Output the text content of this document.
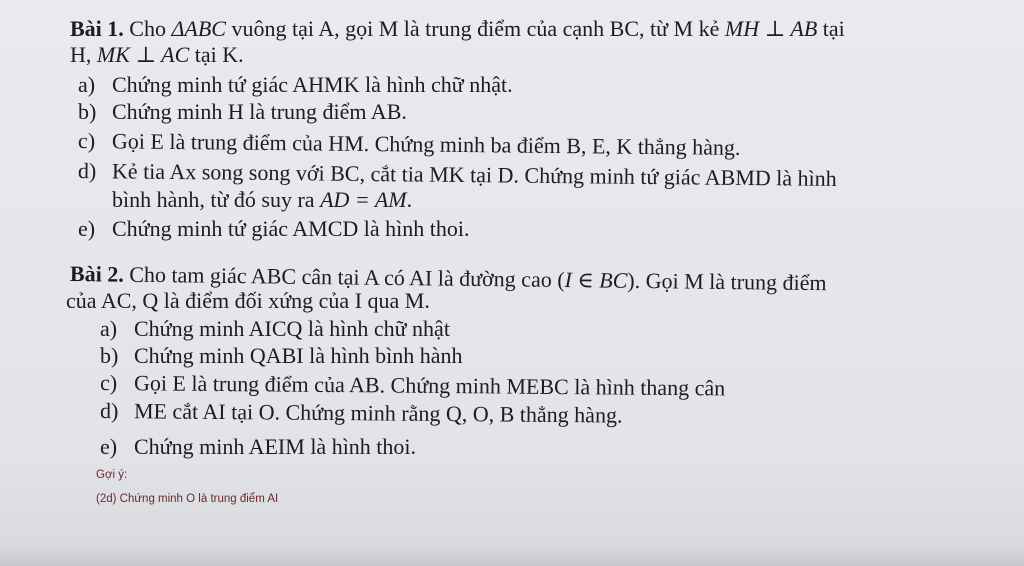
Bài 1. Cho ΔABC vuông tại A, gọi M là trung điểm của cạnh BC, từ M kẻ MH ⊥ AB tại
H, MK ⊥ AC tại K.
a) Chứng minh tứ giác AHMK là hình chữ nhật.
b) Chứng minh H là trung điểm AB.
c) Gọi E là trung điểm của HM. Chứng minh ba điểm B, E, K thẳng hàng.
d) Kẻ tia Ax song song với BC, cắt tia MK tại D. Chứng minh tứ giác ABMD là hình
bình hành, từ đó suy ra AD = AM.
e) Chứng minh tứ giác AMCD là hình thoi.
Bài 2. Cho tam giác ABC cân tại A có AI là đường cao (I ∈ BC). Gọi M là trung điểm
của AC, Q là điểm đối xứng của I qua M.
a) Chứng minh AICQ là hình chữ nhật
b) Chứng minh QABI là hình bình hành
c) Gọi E là trung điểm của AB. Chứng minh MEBC là hình thang cân
d) ME cắt AI tại O. Chứng minh rằng Q, O, B thẳng hàng.
e) Chứng minh AEIM là hình thoi.
Gợi ý:
(2d) Chứng minh O là trung điểm AI
